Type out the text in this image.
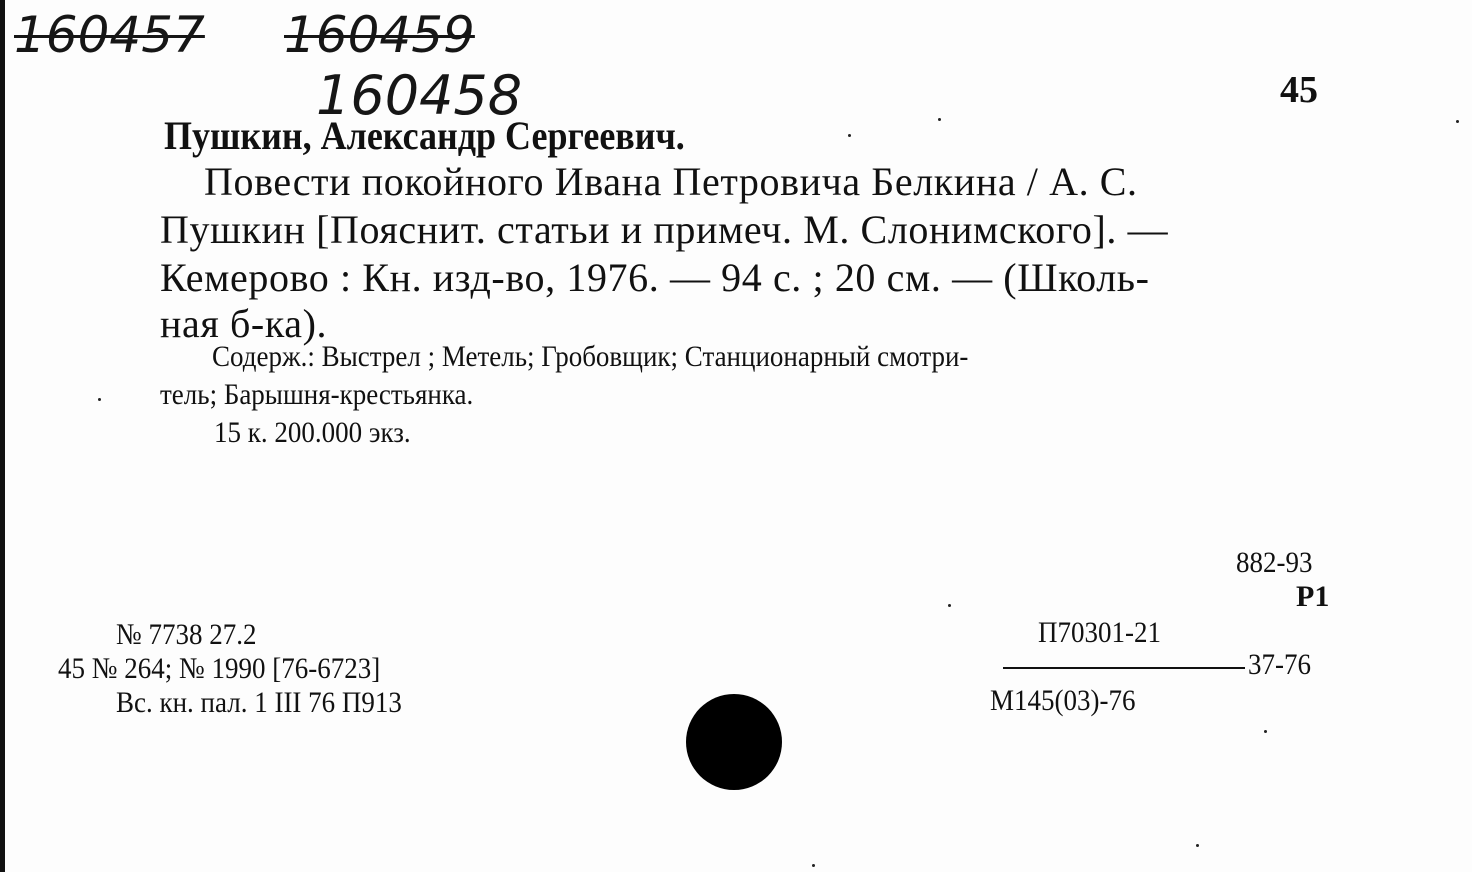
160457 160459
160458	45
Пушкин, Александр Сергеевич.
Повести покойного Ивана Петровича Белкина / А. С.
Пушкин [Пояснит. статьи и примеч. М. Слонимского]. —
Кемерово : Кн. изд-во, 1976. — 94 с. ; 20 см. — (Школь-
ная б-ка).
Содерж.: Выстрел ; Метель; Гробовщик; Станционарный смотри-
тель; Барышня-крестьянка.
15 к. 200.000 экз.
882-93
P1
№ 7738 27.2
45 № 264; № 1990 [76-6723]
Вс. кн. пал. 1 III 76 П913
П70301-21
37-76
М145(03)-76
